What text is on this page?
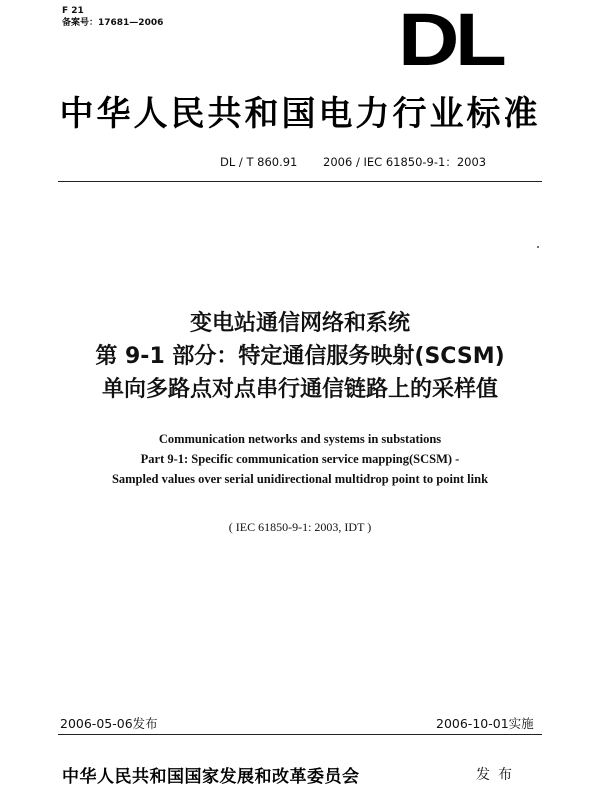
F 21
备案号：17681—2006	DL
中华人民共和国电力行业标准
DL / T 860.91 2006 / IEC 61850-9-1：2003
变电站通信网络和系统
第 9-1 部分：特定通信服务映射(SCSM)
单向多路点对点串行通信链路上的采样值
Communication networks and systems in substations
Part 9-1: Specific communication service mapping(SCSM) -
Sampled values over serial unidirectional multidrop point to point link
( IEC 61850-9-1: 2003, IDT )
2006-05-06发布	2006-10-01实施
中华人民共和国国家发展和改革委员会	发布
